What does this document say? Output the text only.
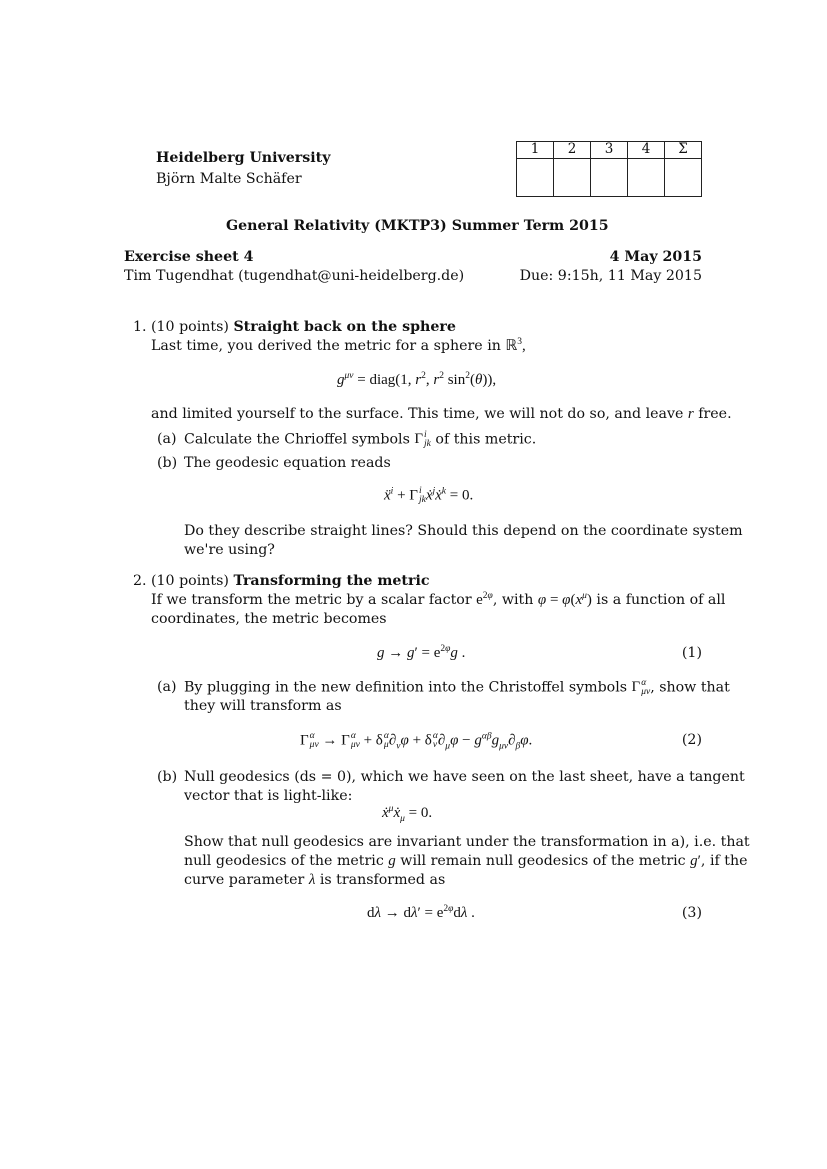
Heidelberg University
Björn Malte Schäfer
1	2	3	4	Σ

General Relativity (MKTP3) Summer Term 2015
Exercise sheet 4	4 May 2015
Tim Tugendhat (tugendhat@uni-heidelberg.de)	Due: 9:15h, 11 May 2015
1. (10 points) Straight back on the sphere
Last time, you derived the metric for a sphere in ℝ$^3$,
$g^{\mu\nu}$ = diag(1, $r^2$, $r^2$ $\sin^2(\theta)$),
and limited yourself to the surface. This time, we will not do so, and leave r free.
(a) Calculate the Chrioffel symbols Γ i
jk of this metric.
(b) The geodesic equation reads
ẍ$^i$ + Γ i
jk ẋ$^j$ẋ$^k$ = 0.
Do they describe straight lines? Should this depend on the coordinate system
we're using?
2. (10 points) Transforming the metric
If we transform the metric by a scalar factor $e^{2\varphi}$, with $\varphi = \varphi(x^\mu)$ is a function of all
coordinates, the metric becomes
$g \to g' = e^{2\varphi}g$ .	(1)
(a) By plugging in the new definition into the Christoffel symbols Γ α
μν , show that
they will transform as
Γ α
μν → Γ α
μν + δ α
μ $\partial_\nu\varphi + \delta$ α
ν $\partial_\mu\varphi - g^{\alpha\beta}g_{\mu\nu}\partial_\beta\varphi$.	(2)
(b) Null geodesics (ds = 0), which we have seen on the last sheet, have a tangent
vector that is light-like:
ẋ$^\mu$ẋ$_\mu$ = 0.
Show that null geodesics are invariant under the transformation in a), i.e. that
null geodesics of the metric g will remain null geodesics of the metric g′, if the
curve parameter λ is transformed as
$d\lambda \to d\lambda' = e^{2\varphi}d\lambda$ .	(3)
